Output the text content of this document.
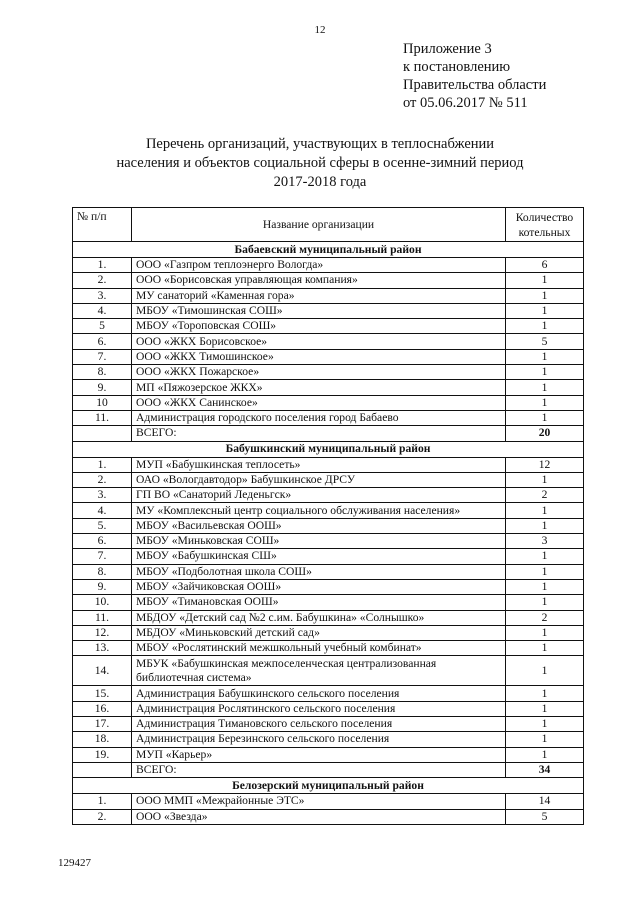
12
Приложение 3
к постановлению
Правительства области
от 05.06.2017 № 511
Перечень организаций, участвующих в теплоснабжении
населения и объектов социальной сферы в осенне-зимний период
2017-2018 года
№ п/п	Название организации	Количество котельных
Бабаевский муниципальный район		
1.	ООО «Газпром теплоэнерго Вологда»	6
2.	ООО «Борисовская управляющая компания»	1
3.	МУ санаторий «Каменная гора»	1
4.	МБОУ «Тимошинская СОШ»	1
5	МБОУ «Тороповская СОШ»	1
6.	ООО «ЖКХ Борисовское»	5
7.	ООО «ЖКХ Тимошинское»	1
8.	ООО «ЖКХ Пожарское»	1
9.	МП «Пяжозерское ЖКХ»	1
10	ООО «ЖКХ Санинское»	1
11.	Администрация городского поселения город Бабаево	1
	ВСЕГО:	20
Бабушкинский муниципальный район		
1.	МУП «Бабушкинская теплосеть»	12
2.	ОАО «Вологдавтодор» Бабушкинское ДРСУ	1
3.	ГП ВО «Санаторий Леденьгск»	2
4.	МУ «Комплексный центр социального обслуживания населения»	1
5.	МБОУ «Васильевская ООШ»	1
6.	МБОУ «Миньковская СОШ»	3
7.	МБОУ «Бабушкинская СШ»	1
8.	МБОУ «Подболотная школа СОШ»	1
9.	МБОУ «Зайчиковская ООШ»	1
10.	МБОУ «Тимановская ООШ»	1
11.	МБДОУ «Детский сад №2 с.им. Бабушкина» «Солнышко»	2
12.	МБДОУ «Миньковский детский сад»	1
13.	МБОУ «Рослятинский межшкольный учебный комбинат»	1
14.	МБУК «Бабушкинская межпоселенческая централизованная библиотечная система»	1
15.	Администрация Бабушкинского сельского поселения	1
16.	Администрация Рослятинского сельского поселения	1
17.	Администрация Тимановского сельского поселения	1
18.	Администрация Березинского сельского поселения	1
19.	МУП «Карьер»	1
	ВСЕГО:	34
Белозерский муниципальный район		
1.	ООО ММП «Межрайонные ЭТС»	14
2.	ООО «Звезда»	5
129427
